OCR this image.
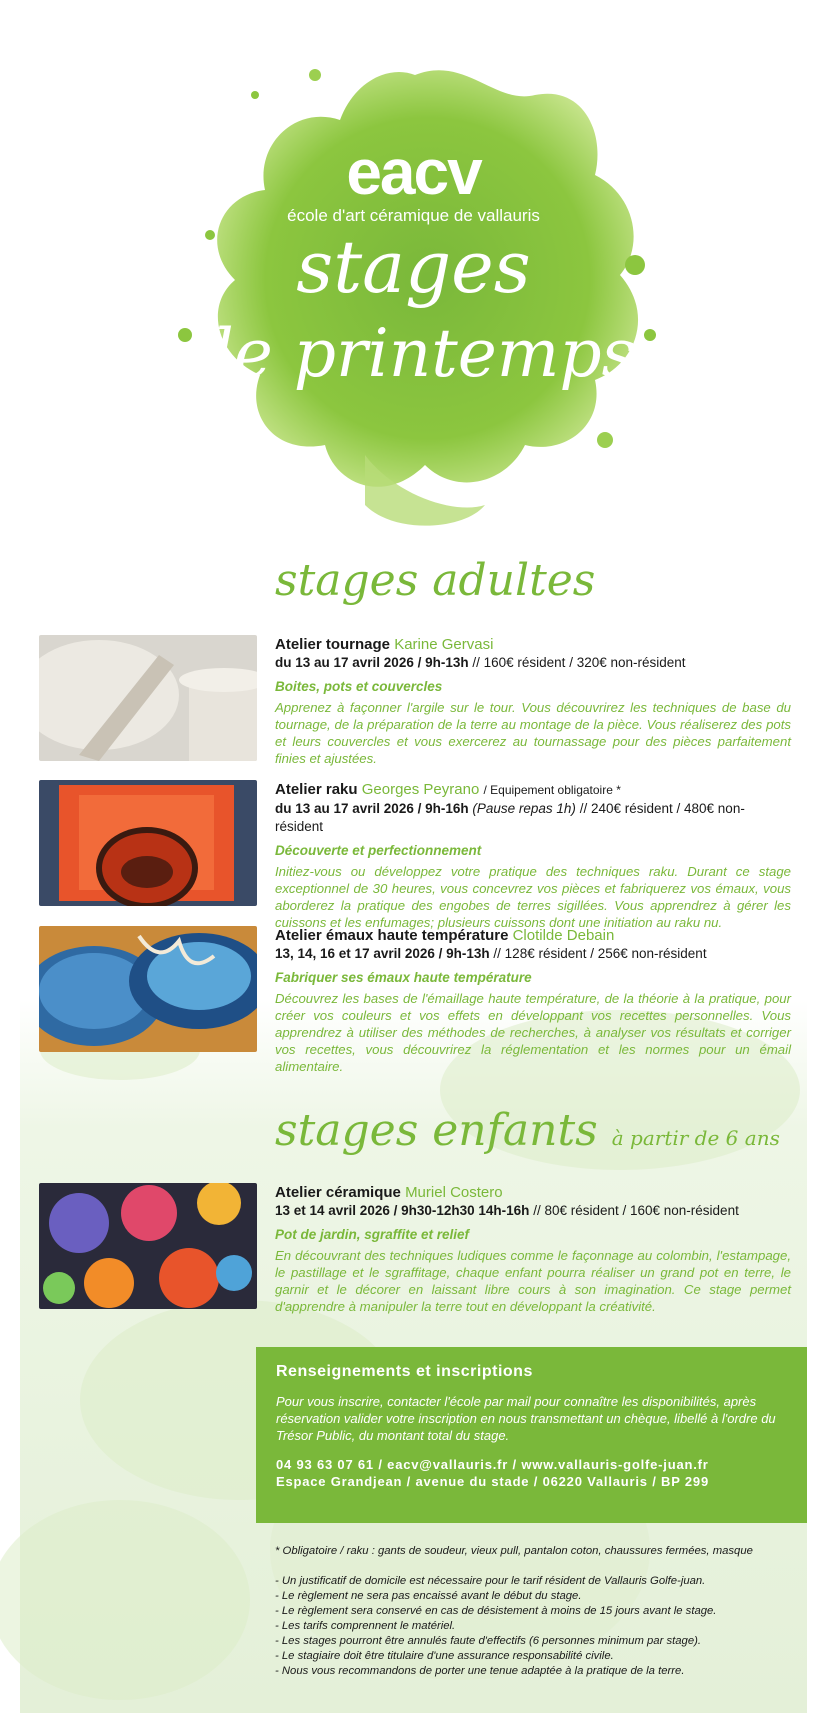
eacv
école d'art céramique de vallauris
stages
de printemps
stages adultes
Atelier tournage Karine Gervasi
du 13 au 17 avril 2026 / 9h-13h // 160€ résident / 320€ non-résident
Boites, pots et couvercles
Apprenez à façonner l'argile sur le tour. Vous découvrirez les techniques de base du tournage, de la préparation de la terre au montage de la pièce. Vous réaliserez des pots et leurs couvercles et vous exercerez au tournassage pour des pièces parfaitement finies et ajustées.
Atelier raku Georges Peyrano / Equipement obligatoire *
du 13 au 17 avril 2026 / 9h-16h (Pause repas 1h) // 240€ résident / 480€ non-résident
Découverte et perfectionnement
Initiez-vous ou développez votre pratique des techniques raku. Durant ce stage exceptionnel de 30 heures, vous concevrez vos pièces et fabriquerez vos émaux, vous aborderez la pratique des engobes de terres sigillées. Vous apprendrez à gérer les cuissons et les enfumages; plusieurs cuissons dont une initiation au raku nu.
Atelier émaux haute température Clotilde Debain
13, 14, 16 et 17 avril 2026 / 9h-13h // 128€ résident / 256€ non-résident
Fabriquer ses émaux haute température
Découvrez les bases de l'émaillage haute température, de la théorie à la pratique, pour créer vos couleurs et vos effets en développant vos recettes personnelles. Vous apprendrez à utiliser des méthodes de recherches, à analyser vos résultats et corriger vos recettes, vous découvrirez la réglementation et les normes pour un émail alimentaire.
stages enfants à partir de 6 ans
Atelier céramique Muriel Costero
13 et 14 avril 2026 / 9h30-12h30 14h-16h // 80€ résident / 160€ non-résident
Pot de jardin, sgraffite et relief
En découvrant des techniques ludiques comme le façonnage au colombin, l'estampage, le pastillage et le sgraffitage, chaque enfant pourra réaliser un grand pot en terre, le garnir et le décorer en laissant libre cours à son imagination. Ce stage permet d'apprendre à manipuler la terre tout en développant la créativité.
Renseignements et inscriptions
Pour vous inscrire, contacter l'école par mail pour connaître les disponibilités, après réservation valider votre inscription en nous transmettant un chèque, libellé à l'ordre du Trésor Public, du montant total du stage.
04 93 63 07 61 / eacv@vallauris.fr / www.vallauris-golfe-juan.fr
Espace Grandjean / avenue du stade / 06220 Vallauris / BP 299

* Obligatoire / raku : gants de soudeur, vieux pull, pantalon coton, chaussures fermées, masque

- Un justificatif de domicile est nécessaire pour le tarif résident de Vallauris Golfe-juan.

- Le règlement ne sera pas encaissé avant le début du stage.

- Le règlement sera conservé en cas de désistement à moins de 15 jours avant le stage.

- Les tarifs comprennent le matériel.

- Les stages pourront être annulés faute d'effectifs (6 personnes minimum par stage).

- Le stagiaire doit être titulaire d'une assurance responsabilité civile.

- Nous vous recommandons de porter une tenue adaptée à la pratique de la terre.
